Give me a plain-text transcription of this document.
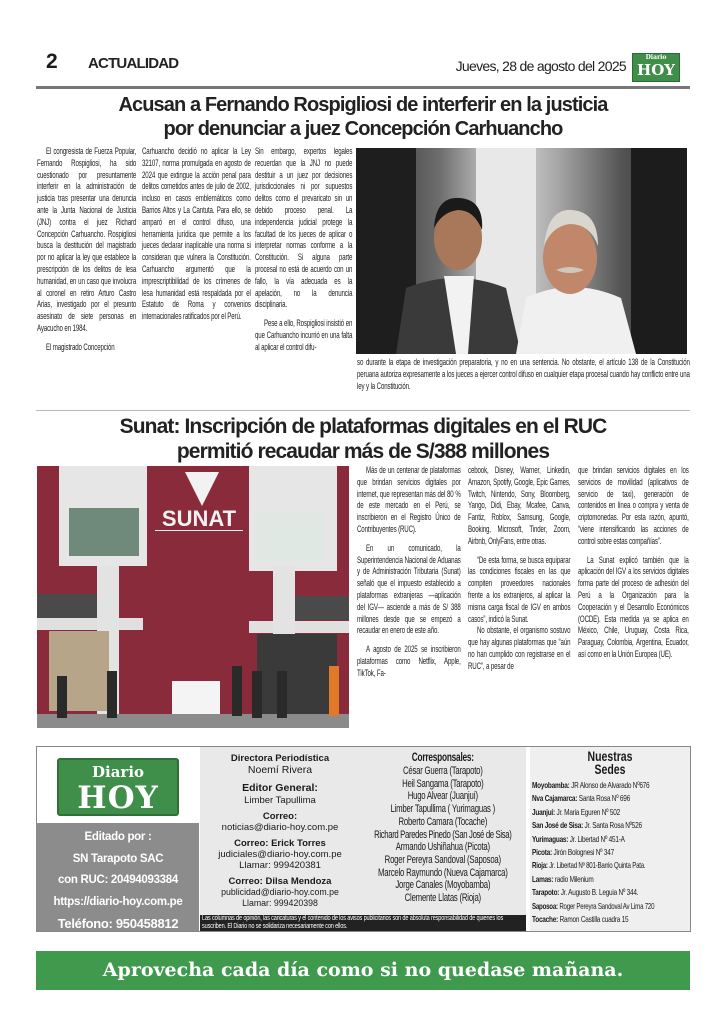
2 ACTUALIDAD	Jueves, 28 de agosto del 2025
Diario
HOY
Acusan a Fernando Rospigliosi de interferir en la justicia
por denunciar a juez Concepción Carhuancho

El congresista de Fuerza Popular, Fernando Rospigliosi, ha sido cuestionado por presuntamente interferir en la administración de justicia tras presentar una denuncia ante la Junta Nacional de Justicia (JNJ) contra el juez Richard Concepción Carhuancho. Rospigliosi busca la destitución del magistrado por no aplicar la ley que establece la prescripción de los delitos de lesa humanidad, en un caso que involucra al coronel en retiro Arturo Castro Arias, investigado por el presunto asesinato de siete personas en Ayacucho en 1984.

El magistrado Concepción

Carhuancho decidió no aplicar la Ley 32107, norma promulgada en agosto de 2024 que extingue la acción penal para delitos cometidos antes de julio de 2002, incluso en casos emblemáticos como Barrios Altos y La Cantuta. Para ello, se amparó en el control difuso, una herramienta jurídica que permite a los jueces declarar inaplicable una norma si consideran que vulnera la Constitución. Carhuancho argumentó que la imprescriptibilidad de los crímenes de lesa humanidad está respaldada por el Estatuto de Roma y convenios internacionales ratificados por el Perú.

Sin embargo, expertos legales recuerdan que la JNJ no puede destituir a un juez por decisiones jurisdiccionales ni por supuestos delitos como el prevaricato sin un debido proceso penal. La independencia judicial protege la facultad de los jueces de aplicar o interpretar normas conforme a la Constitución. Si alguna parte procesal no está de acuerdo con un fallo, la vía adecuada es la apelación, no la denuncia disciplinaria.

Pese a ello, Rospigliosi insistió en que Carhuancho incurrió en una falta al aplicar el control difu-

so durante la etapa de investigación preparatoria, y no en una sentencia. No obstante, el artículo 138 de la Constitución peruana autoriza expresamente a los jueces a ejercer control difuso en cualquier etapa procesal cuando hay conflicto entre una ley y la Constitución.

Sunat: Inscripción de plataformas digitales en el RUC
permitió recaudar más de S/388 millones
SUNAT

Más de un centenar de plataformas que brindan servicios digitales por internet, que representan más del 80 % de este mercado en el Perú, se inscribieron en el Registro Único de Contribuyentes (RUC).

En un comunicado, la Superintendencia Nacional de Aduanas y de Administración Tributaria (Sunat) señaló que el impuesto establecido a plataformas extranjeras —aplicación del IGV— asciende a más de S/ 388 millones desde que se empezó a recaudar en enero de este año.

A agosto de 2025 se inscribieron plataformas como Netflix, Apple, TikTok, Fa-

cebook, Disney, Warner, Linkedin, Amazon, Spotify, Google, Epic Games, Twitch, Nintendo, Sony, Bloomberg, Yango, Didi, Ebay, Mcafee, Canva, Fantiz, Roblox, Samsung, Google, Booking, Microsoft, Tinder, Zoom, Airbnb, OnlyFans, entre otras.

“De esta forma, se busca equiparar las condiciones fiscales en las que compiten proveedores nacionales frente a los extranjeros, al aplicar la misma carga fiscal de IGV en ambos casos”, indicó la Sunat.

No obstante, el organismo sostuvo que hay algunas plataformas que “aún no han cumplido con registrarse en el RUC”, a pesar de

que brindan servicios digitales en los servicios de movilidad (aplicativos de servicio de taxi), generación de contenidos en línea o compra y venta de criptomonedas. Por esta razón, apuntó, “viene intensificando las acciones de control sobre estas compañías”.

La Sunat explicó también que la aplicación del IGV a los servicios digitales forma parte del proceso de adhesión del Perú a la Organización para la Cooperación y el Desarrollo Económicos (OCDE). Esta medida ya se aplica en México, Chile, Uruguay, Costa Rica, Paraguay, Colombia, Argentina, Ecuador, así como en la Unión Europea (UE).

Diario
HOY
Editado por :
SN Tarapoto SAC
con RUC: 20494093384
https://diario-hoy.com.pe
Teléfono: 950458812
Directora Periodística
Noemí Rivera
Editor General:
Limber Tapullima
Correo:
noticias@diario-hoy.com.pe
Correo: Erick Torres
judiciales@diario-hoy.com.pe
Llamar: 999420381
Correo: Dilsa Mendoza
publicidad@diario-hoy.com.pe
Llamar: 999420398
Corresponsales:
César Guerra (Tarapoto)
Heil Sangama (Tarapoto)
Hugo Alvear (Juanjuí)
Limber Tapullima ( Yurimaguas )
Roberto Camara (Tocache)
Richard Paredes Pinedo (San José de Sisa)
Armando Ushiñahua (Picota)
Roger Pereyra Sandoval (Saposoa)
Marcelo Raymundo (Nueva Cajamarca)
Jorge Canales (Moyobamba)
Clemente Llatas (Rioja)
Las columnas de opinión, las caricaturas y el contenido de los avisos publicitarios son de absoluta responsabilidad de quienes los suscriben. El Diario no se solidariza necesariamente con ellos.
Nuestras
Sedes
Moyobamba: JR Alonso de Alvarado Nº676
Nva Cajamarca: Santa Rosa Nº 696
Juanjuí: Jr. Maria Eguren Nº 502
San José de Sisa: Jr. Santa Rosa Nº526
Yurimaguas: Jr. Libertad Nº 451-A
Picota: Jirón Bolognesi Nº 347
Rioja: Jr. Libertad Nº 801-Barrio Quinta Pata.
Lamas: radio Milenium
Tarapoto: Jr. Augusto B. Leguia Nº 344.
Saposoa: Roger Pereyra Sandoval Av Lima 720
Tocache: Ramon Castilla cuadra 15
Aprovecha cada día como si no quedase mañana.
